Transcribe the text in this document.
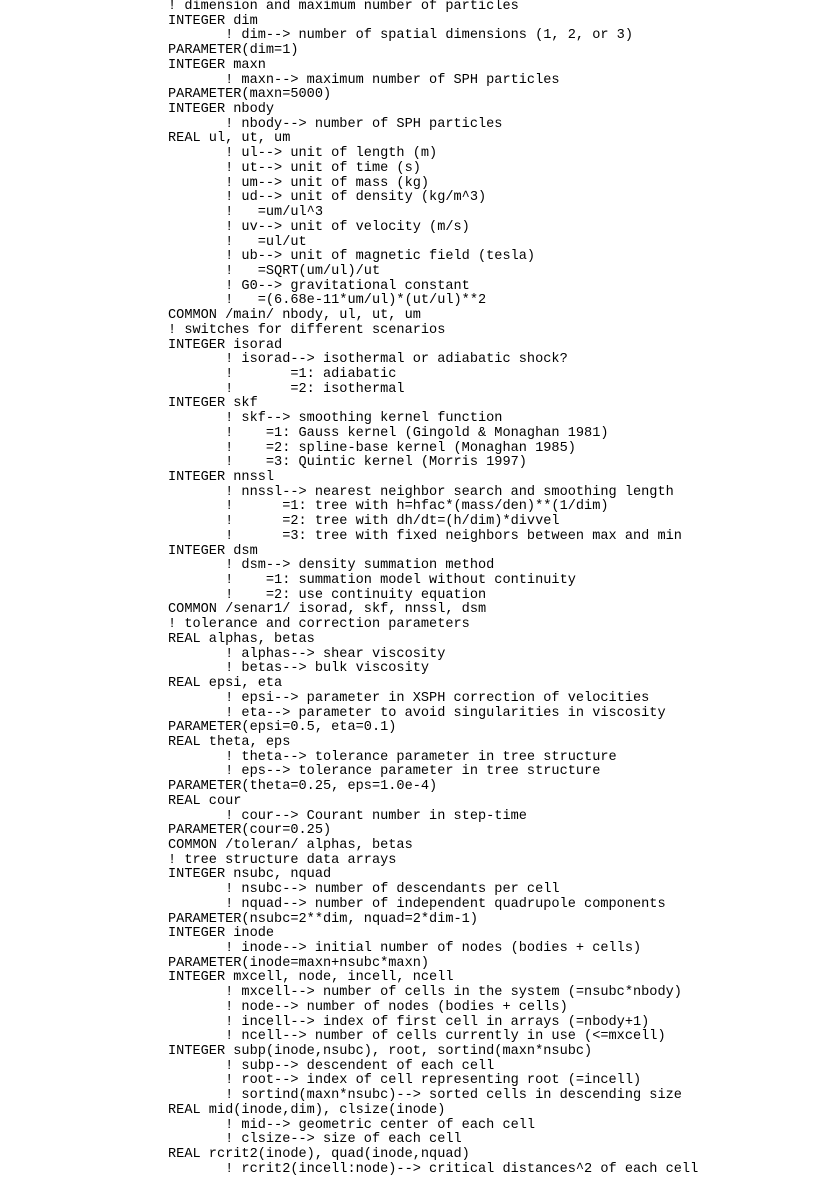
! dimension and maximum number of particles
INTEGER dim
! dim--> number of spatial dimensions (1, 2, or 3)
PARAMETER(dim=1)
INTEGER maxn
! maxn--> maximum number of SPH particles
PARAMETER(maxn=5000)
INTEGER nbody
! nbody--> number of SPH particles
REAL ul, ut, um
! ul--> unit of length (m)
! ut--> unit of time (s)
! um--> unit of mass (kg)
! ud--> unit of density (kg/m^3)
!   =um/ul^3
! uv--> unit of velocity (m/s)
!   =ul/ut
! ub--> unit of magnetic field (tesla)
!   =SQRT(um/ul)/ut
! G0--> gravitational constant
!   =(6.68e-11*um/ul)*(ut/ul)**2
COMMON /main/ nbody, ul, ut, um
! switches for different scenarios
INTEGER isorad
! isorad--> isothermal or adiabatic shock?
!       =1: adiabatic
!       =2: isothermal
INTEGER skf
! skf--> smoothing kernel function
!    =1: Gauss kernel (Gingold & Monaghan 1981)
!    =2: spline-base kernel (Monaghan 1985)
!    =3: Quintic kernel (Morris 1997)
INTEGER nnssl
! nnssl--> nearest neighbor search and smoothing length
!      =1: tree with h=hfac*(mass/den)**(1/dim)
!      =2: tree with dh/dt=(h/dim)*divvel
!      =3: tree with fixed neighbors between max and min
INTEGER dsm
! dsm--> density summation method
!    =1: summation model without continuity
!    =2: use continuity equation
COMMON /senar1/ isorad, skf, nnssl, dsm
! tolerance and correction parameters
REAL alphas, betas
! alphas--> shear viscosity
! betas--> bulk viscosity
REAL epsi, eta
! epsi--> parameter in XSPH correction of velocities
! eta--> parameter to avoid singularities in viscosity
PARAMETER(epsi=0.5, eta=0.1)
REAL theta, eps
! theta--> tolerance parameter in tree structure
! eps--> tolerance parameter in tree structure
PARAMETER(theta=0.25, eps=1.0e-4)
REAL cour
! cour--> Courant number in step-time
PARAMETER(cour=0.25)
COMMON /toleran/ alphas, betas
! tree structure data arrays
INTEGER nsubc, nquad
! nsubc--> number of descendants per cell
! nquad--> number of independent quadrupole components
PARAMETER(nsubc=2**dim, nquad=2*dim-1)
INTEGER inode
! inode--> initial number of nodes (bodies + cells)
PARAMETER(inode=maxn+nsubc*maxn)
INTEGER mxcell, node, incell, ncell
! mxcell--> number of cells in the system (=nsubc*nbody)
! node--> number of nodes (bodies + cells)
! incell--> index of first cell in arrays (=nbody+1)
! ncell--> number of cells currently in use (<=mxcell)
INTEGER subp(inode,nsubc), root, sortind(maxn*nsubc)
! subp--> descendent of each cell
! root--> index of cell representing root (=incell)
! sortind(maxn*nsubc)--> sorted cells in descending size
REAL mid(inode,dim), clsize(inode)
! mid--> geometric center of each cell
! clsize--> size of each cell
REAL rcrit2(inode), quad(inode,nquad)
! rcrit2(incell:node)--> critical distances^2 of each cell
